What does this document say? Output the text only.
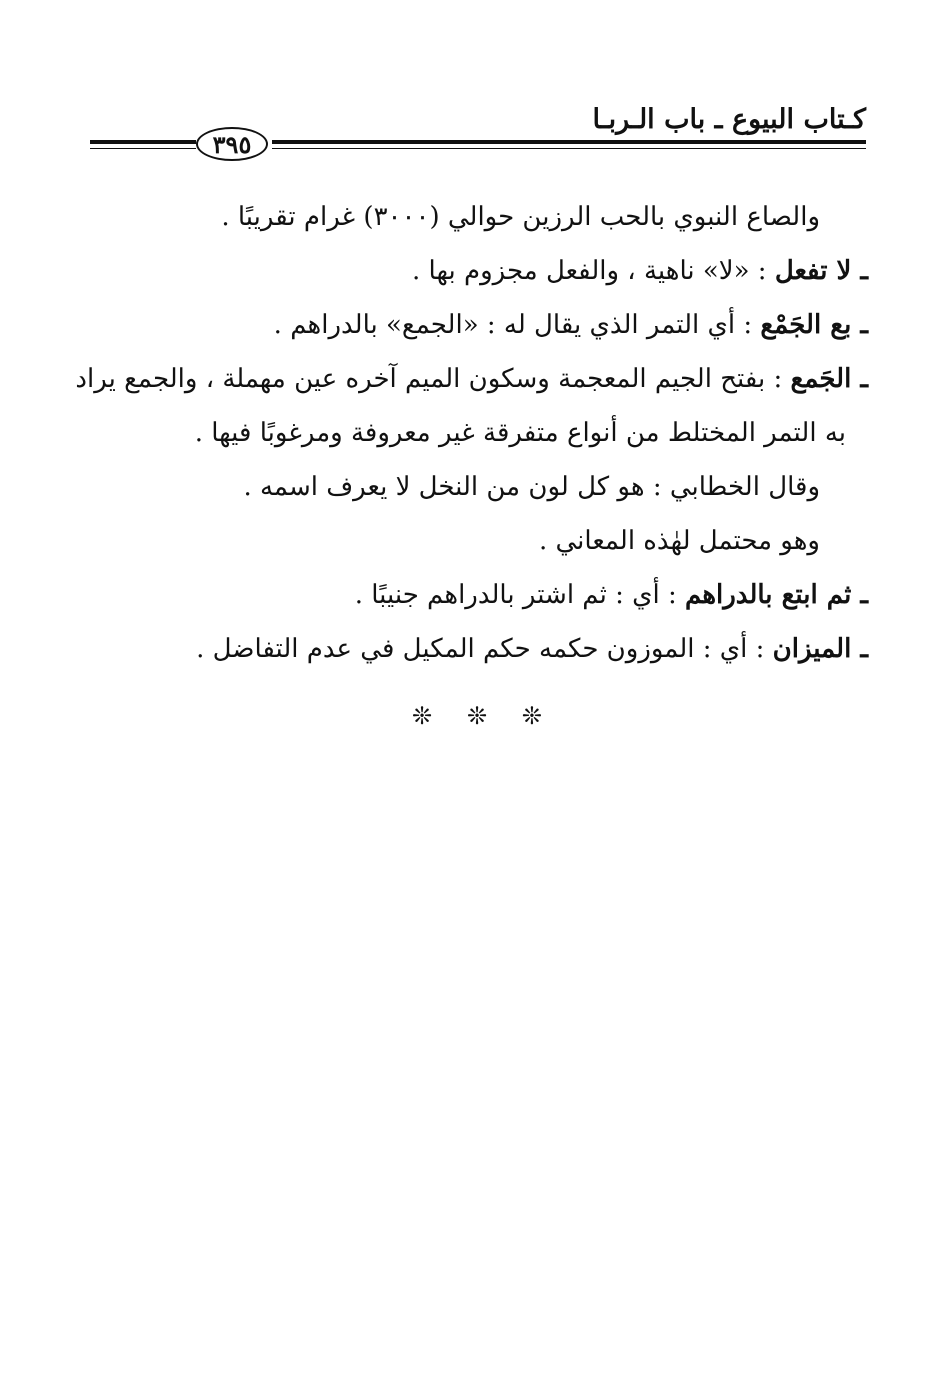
٣٩٥
كـتاب البيوع ـ باب الـربـا
والصاع النبوي بالحب الرزين حوالي (٣٠٠٠) غرام تقريبًا .
ـ لا تفعل : «لا» ناهية ، والفعل مجزوم بها .
ـ بع الجَمْع : أي التمر الذي يقال له : «الجمع» بالدراهم .
ـ الجَمع : بفتح الجيم المعجمة وسكون الميم آخره عين مهملة ، والجمع يراد
به التمر المختلط من أنواع متفرقة غير معروفة ومرغوبًا فيها .
وقال الخطابي : هو كل لون من النخل لا يعرف اسمه .
وهو محتمل لهٰذه المعاني .
ـ ثم ابتع بالدراهم : أي : ثم اشتر بالدراهم جنيبًا .
ـ الميزان : أي : الموزون حكمه حكم المكيل في عدم التفاضل .
❊ ❊ ❊
